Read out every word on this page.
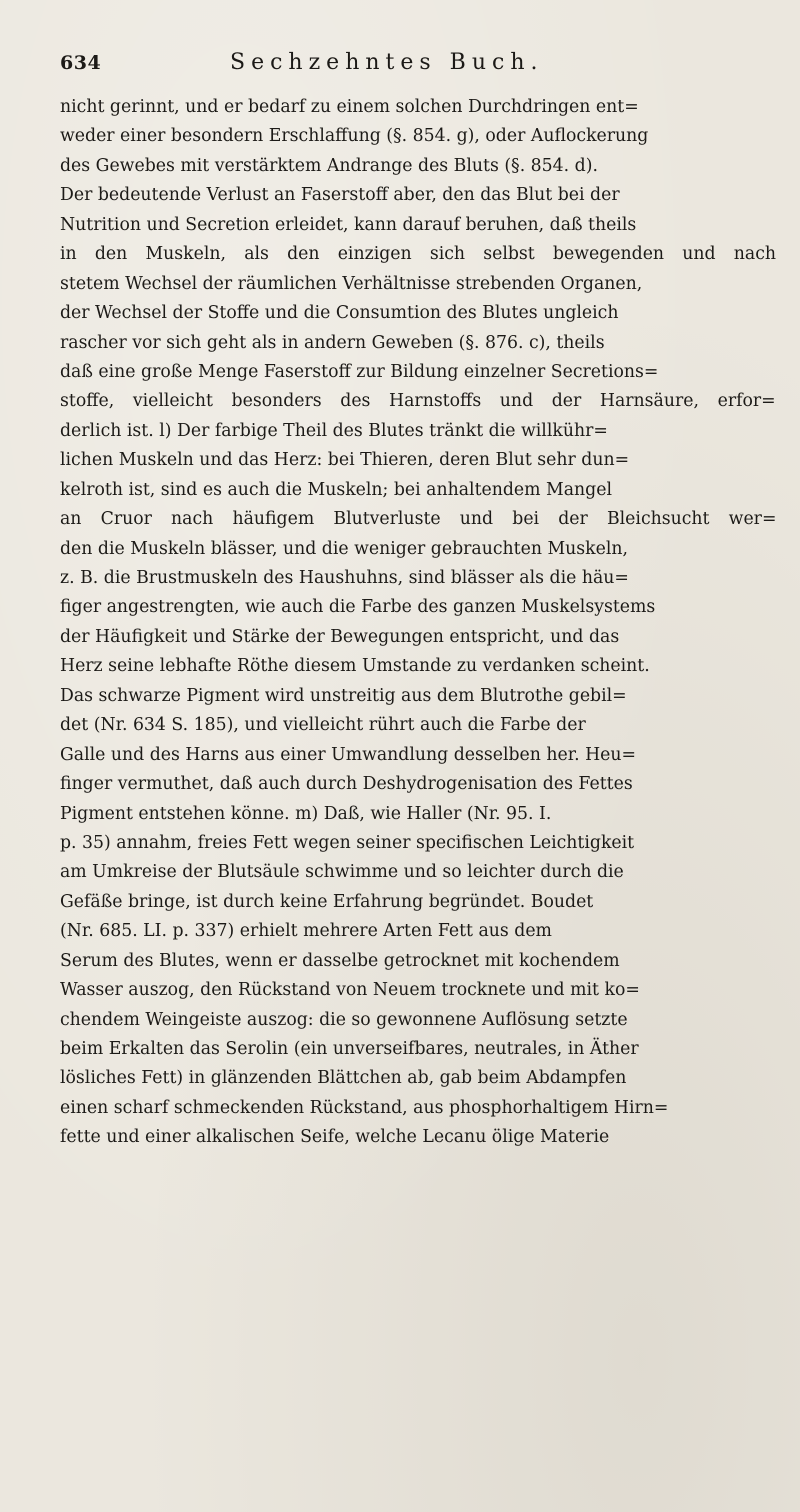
634	Sechzehntes Buch.
nicht gerinnt, und er bedarf zu einem solchen Durchdringen ent=
weder einer besondern Erschlaffung (§. 854. g), oder Auflockerung
des Gewebes mit verstärktem Andrange des Bluts (§. 854. d).
Der bedeutende Verlust an Faserstoff aber, den das Blut bei der
Nutrition und Secretion erleidet, kann darauf beruhen, daß theils
in den Muskeln, als den einzigen sich selbst bewegenden und nach
stetem Wechsel der räumlichen Verhältnisse strebenden Organen,
der Wechsel der Stoffe und die Consumtion des Blutes ungleich
rascher vor sich geht als in andern Geweben (§. 876. c), theils
daß eine große Menge Faserstoff zur Bildung einzelner Secretions=
stoffe, vielleicht besonders des Harnstoffs und der Harnsäure, erfor=
derlich ist. l) Der farbige Theil des Blutes tränkt die willkühr=
lichen Muskeln und das Herz: bei Thieren, deren Blut sehr dun=
kelroth ist, sind es auch die Muskeln; bei anhaltendem Mangel
an Cruor nach häufigem Blutverluste und bei der Bleichsucht wer=
den die Muskeln blässer, und die weniger gebrauchten Muskeln,
z. B. die Brustmuskeln des Haushuhns, sind blässer als die häu=
figer angestrengten, wie auch die Farbe des ganzen Muskelsystems
der Häufigkeit und Stärke der Bewegungen entspricht, und das
Herz seine lebhafte Röthe diesem Umstande zu verdanken scheint.
Das schwarze Pigment wird unstreitig aus dem Blutrothe gebil=
det (Nr. 634 S. 185), und vielleicht rührt auch die Farbe der
Galle und des Harns aus einer Umwandlung desselben her. Heu=
finger vermuthet, daß auch durch Deshydrogenisation des Fettes
Pigment entstehen könne. m) Daß, wie Haller (Nr. 95. I.
p. 35) annahm, freies Fett wegen seiner specifischen Leichtigkeit
am Umkreise der Blutsäule schwimme und so leichter durch die
Gefäße bringe, ist durch keine Erfahrung begründet. Boudet
(Nr. 685. LI. p. 337) erhielt mehrere Arten Fett aus dem
Serum des Blutes, wenn er dasselbe getrocknet mit kochendem
Wasser auszog, den Rückstand von Neuem trocknete und mit ko=
chendem Weingeiste auszog: die so gewonnene Auflösung setzte
beim Erkalten das Serolin (ein unverseifbares, neutrales, in Äther
lösliches Fett) in glänzenden Blättchen ab, gab beim Abdampfen
einen scharf schmeckenden Rückstand, aus phosphorhaltigem Hirn=
fette und einer alkalischen Seife, welche Lecanu ölige Materie
